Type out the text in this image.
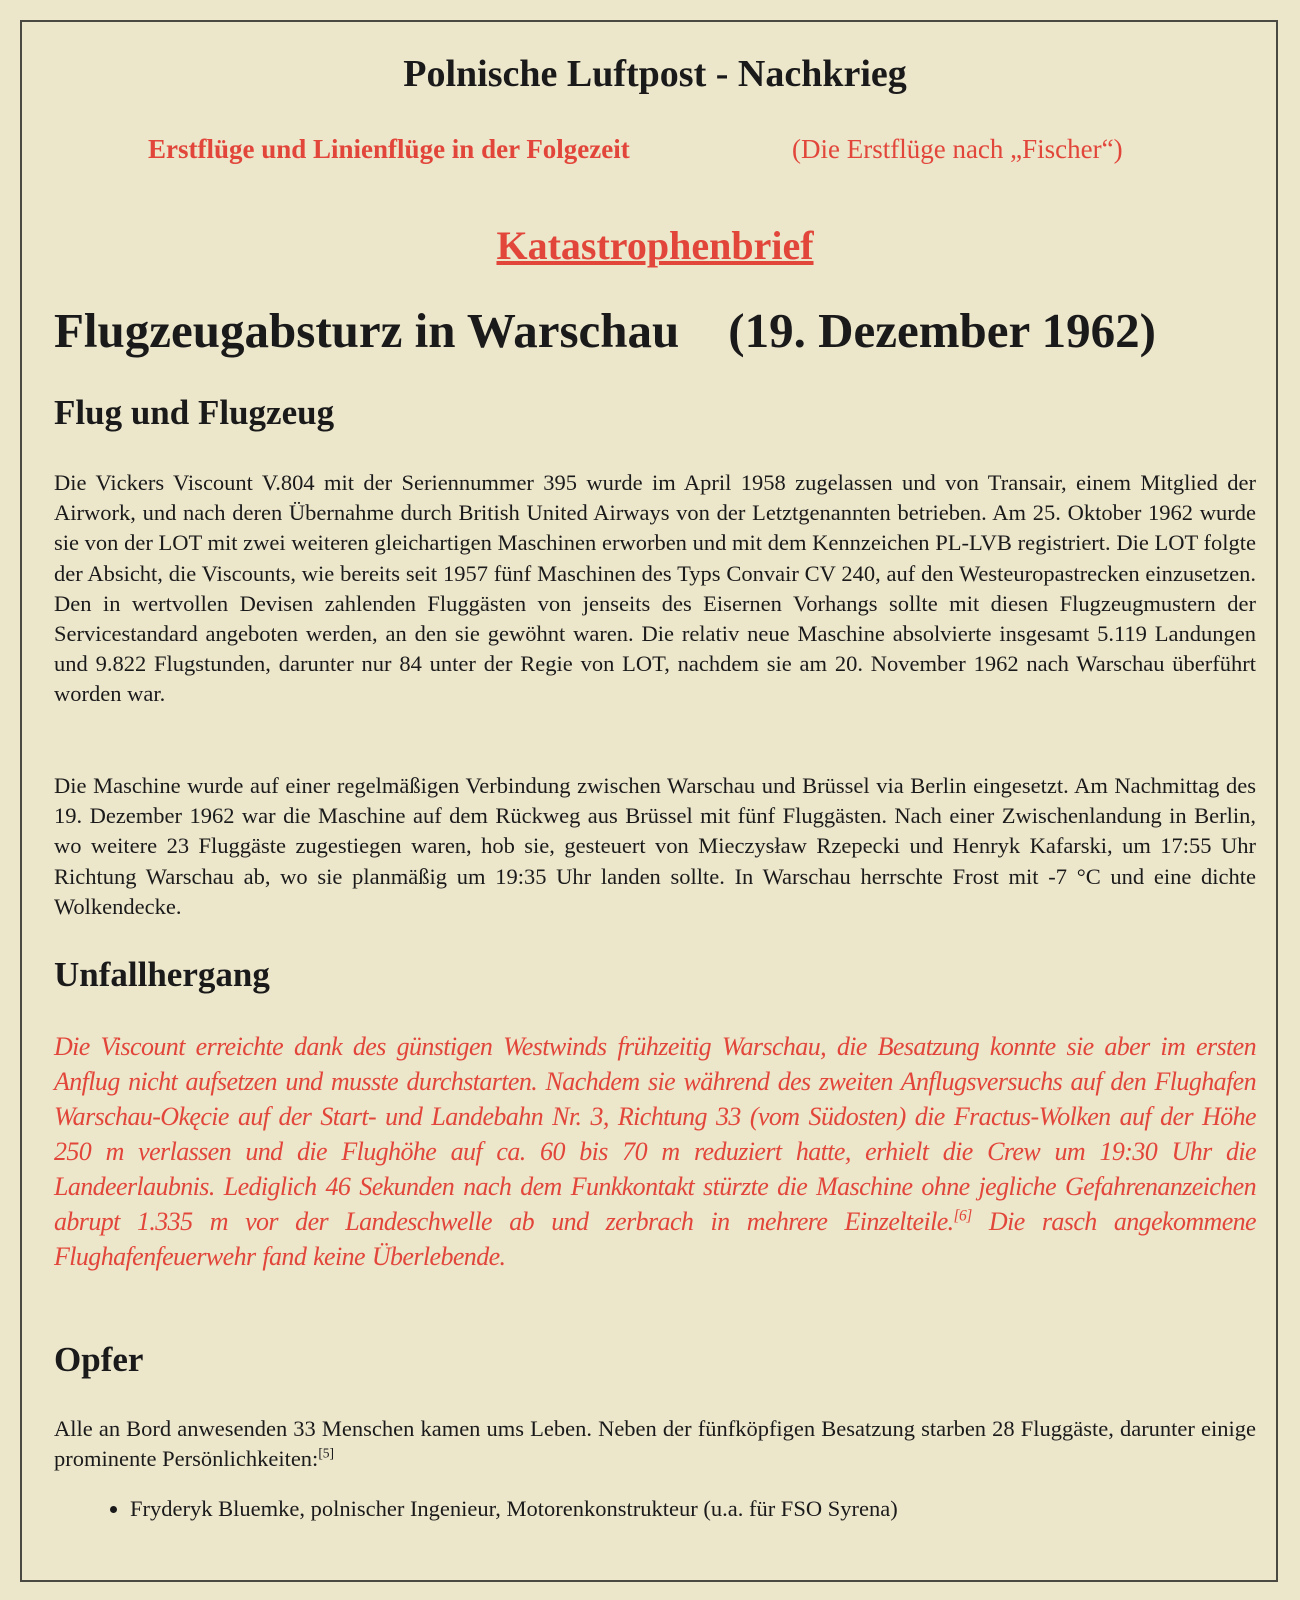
Polnische Luftpost - Nachkrieg
Erstflüge und Linienflüge in der Folgezeit	(Die Erstflüge nach „Fischer“)
Katastrophenbrief
Flugzeugabsturz in Warschau    (19. Dezember 1962)
Flug und Flugzeug
Die Vickers Viscount V.804 mit der Seriennummer 395 wurde im April 1958 zugelassen und von Transair, einem Mitglied der Airwork, und nach deren Übernahme durch British United Airways von der Letztgenannten betrieben. Am 25. Oktober 1962 wurde sie von der LOT mit zwei weiteren gleichartigen Maschinen erworben und mit dem Kennzeichen PL-LVB registriert. Die LOT folgte der Absicht, die Viscounts, wie bereits seit 1957 fünf Maschinen des Typs Convair CV 240, auf den Westeuropastrecken einzusetzen. Den in wertvollen Devisen zahlenden Fluggästen von jenseits des Eisernen Vorhangs sollte mit diesen Flugzeugmustern der Servicestandard angeboten werden, an den sie gewöhnt waren. Die relativ neue Maschine absolvierte insgesamt 5.119 Landungen und 9.822 Flugstunden, darunter nur 84 unter der Regie von LOT, nachdem sie am 20. November 1962 nach Warschau überführt worden war.
Die Maschine wurde auf einer regelmäßigen Verbindung zwischen Warschau und Brüssel via Berlin eingesetzt. Am Nachmittag des 19. Dezember 1962 war die Maschine auf dem Rückweg aus Brüssel mit fünf Fluggästen. Nach einer Zwischenlandung in Berlin, wo weitere 23 Fluggäste zugestiegen waren, hob sie, gesteuert von Mieczysław Rzepecki und Henryk Kafarski, um 17:55 Uhr Richtung Warschau ab, wo sie planmäßig um 19:35 Uhr landen sollte. In Warschau herrschte Frost mit -7 °C und eine dichte Wolkendecke.
Unfallhergang
Die Viscount erreichte dank des günstigen Westwinds frühzeitig Warschau, die Besatzung konnte sie aber im ersten Anflug nicht aufsetzen und musste durchstarten. Nachdem sie während des zweiten Anflugsversuchs auf den Flughafen Warschau-Okęcie auf der Start- und Landebahn Nr. 3, Richtung 33 (vom Südosten) die Fractus-Wolken auf der Höhe 250 m verlassen und die Flughöhe auf ca. 60 bis 70 m reduziert hatte, erhielt die Crew um 19:30 Uhr die Landeerlaubnis. Lediglich 46 Sekunden nach dem Funkkontakt stürzte die Maschine ohne jegliche Gefahrenanzeichen abrupt 1.335 m vor der Landeschwelle ab und zerbrach in mehrere Einzelteile.[6] Die rasch angekommene Flughafenfeuerwehr fand keine Überlebende.
Opfer
Alle an Bord anwesenden 33 Menschen kamen ums Leben. Neben der fünfköpfigen Besatzung starben 28 Fluggäste, darunter einige prominente Persönlichkeiten:[5]
• Fryderyk Bluemke, polnischer Ingenieur, Motorenkonstrukteur (u.a. für FSO Syrena)
